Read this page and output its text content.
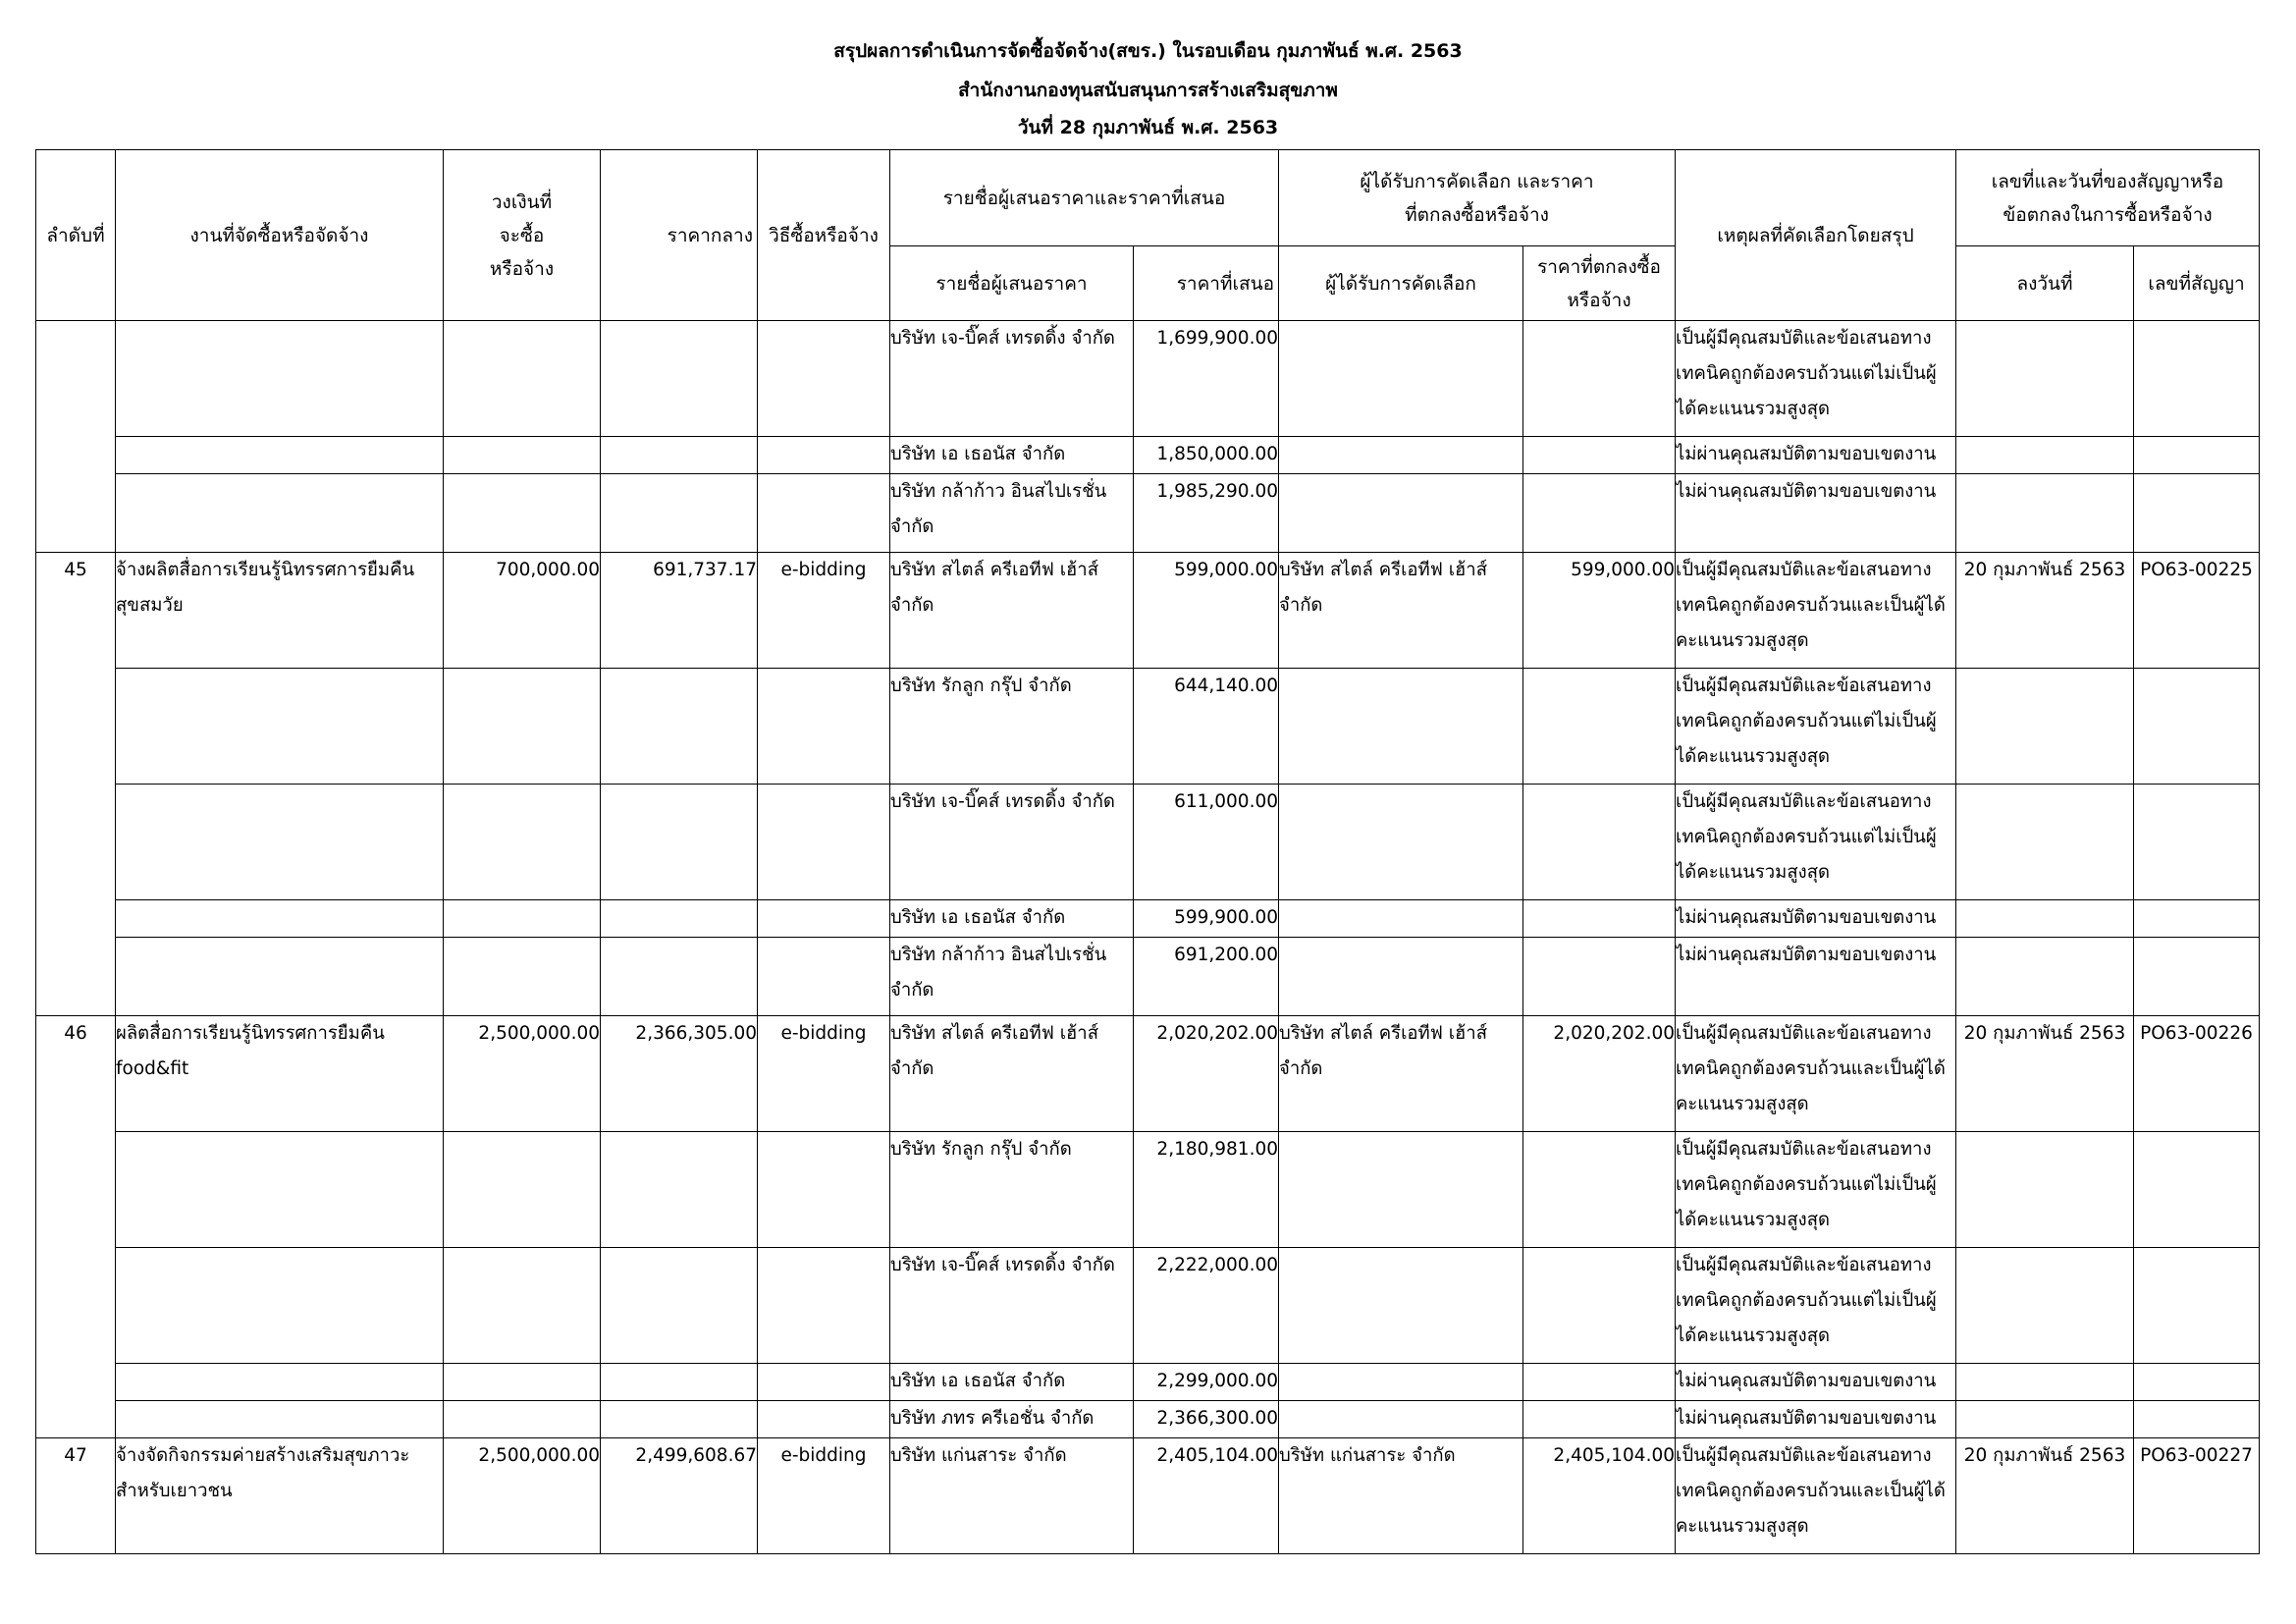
สรุปผลการดำเนินการจัดซื้อจัดจ้าง(สขร.) ในรอบเดือน กุมภาพันธ์ พ.ศ. 2563
สำนักงานกองทุนสนับสนุนการสร้างเสริมสุขภาพ
วันที่ 28 กุมภาพันธ์ พ.ศ. 2563
ลำดับที่	งานที่จัดซื้อหรือจัดจ้าง	วงเงินที่จะซื้อหรือจ้าง	ราคากลาง	วิธีซื้อหรือจ้าง	รายชื่อผู้เสนอราคาและราคาที่เสนอ		ผู้ได้รับการคัดเลือก และราคาที่ตกลงซื้อหรือจ้าง		เหตุผลที่คัดเลือกโดยสรุป	เลขที่และวันที่ของสัญญาหรือข้อตกลงในการซื้อหรือจ้าง	
					รายชื่อผู้เสนอราคา	ราคาที่เสนอ	ผู้ได้รับการคัดเลือก	ราคาที่ตกลงซื้อหรือจ้าง		ลงวันที่	เลขที่สัญญา
					บริษัท เจ-บิ๊คส์ เทรดดิ้ง จำกัด	1,699,900.00			เป็นผู้มีคุณสมบัติและข้อเสนอทางเทคนิคถูกต้องครบถ้วนแต่ไม่เป็นผู้ได้คะแนนรวมสูงสุด		
					บริษัท เอ เธอนัส จำกัด	1,850,000.00			ไม่ผ่านคุณสมบัติตามขอบเขตงาน		
					บริษัท กล้าก้าว อินสไปเรชั่น จำกัด	1,985,290.00			ไม่ผ่านคุณสมบัติตามขอบเขตงาน		
45	จ้างผลิตสื่อการเรียนรู้นิทรรศการยืมคืนสุขสมวัย	700,000.00	691,737.17	e-bidding	บริษัท สไตล์ ครีเอทีฟ เฮ้าส์ จำกัด	599,000.00	บริษัท สไตล์ ครีเอทีฟ เฮ้าส์ จำกัด	599,000.00	เป็นผู้มีคุณสมบัติและข้อเสนอทางเทคนิคถูกต้องครบถ้วนและเป็นผู้ได้คะแนนรวมสูงสุด	20 กุมภาพันธ์ 2563	PO63-00225
					บริษัท รักลูก กรุ๊ป จำกัด	644,140.00			เป็นผู้มีคุณสมบัติและข้อเสนอทางเทคนิคถูกต้องครบถ้วนแต่ไม่เป็นผู้ได้คะแนนรวมสูงสุด		
					บริษัท เจ-บิ๊คส์ เทรดดิ้ง จำกัด	611,000.00			เป็นผู้มีคุณสมบัติและข้อเสนอทางเทคนิคถูกต้องครบถ้วนแต่ไม่เป็นผู้ได้คะแนนรวมสูงสุด		
					บริษัท เอ เธอนัส จำกัด	599,900.00			ไม่ผ่านคุณสมบัติตามขอบเขตงาน		
					บริษัท กล้าก้าว อินสไปเรชั่น จำกัด	691,200.00			ไม่ผ่านคุณสมบัติตามขอบเขตงาน		
46	ผลิตสื่อการเรียนรู้นิทรรศการยืมคืน food&fit	2,500,000.00	2,366,305.00	e-bidding	บริษัท สไตล์ ครีเอทีฟ เฮ้าส์ จำกัด	2,020,202.00	บริษัท สไตล์ ครีเอทีฟ เฮ้าส์ จำกัด	2,020,202.00	เป็นผู้มีคุณสมบัติและข้อเสนอทางเทคนิคถูกต้องครบถ้วนและเป็นผู้ได้คะแนนรวมสูงสุด	20 กุมภาพันธ์ 2563	PO63-00226
					บริษัท รักลูก กรุ๊ป จำกัด	2,180,981.00			เป็นผู้มีคุณสมบัติและข้อเสนอทางเทคนิคถูกต้องครบถ้วนแต่ไม่เป็นผู้ได้คะแนนรวมสูงสุด		
					บริษัท เจ-บิ๊คส์ เทรดดิ้ง จำกัด	2,222,000.00			เป็นผู้มีคุณสมบัติและข้อเสนอทางเทคนิคถูกต้องครบถ้วนแต่ไม่เป็นผู้ได้คะแนนรวมสูงสุด		
					บริษัท เอ เธอนัส จำกัด	2,299,000.00			ไม่ผ่านคุณสมบัติตามขอบเขตงาน		
					บริษัท ภทร ครีเอชั่น จำกัด	2,366,300.00			ไม่ผ่านคุณสมบัติตามขอบเขตงาน		
47	จ้างจัดกิจกรรมค่ายสร้างเสริมสุขภาวะสำหรับเยาวชน	2,500,000.00	2,499,608.67	e-bidding	บริษัท แก่นสาระ จำกัด	2,405,104.00	บริษัท แก่นสาระ จำกัด	2,405,104.00	เป็นผู้มีคุณสมบัติและข้อเสนอทางเทคนิคถูกต้องครบถ้วนและเป็นผู้ได้คะแนนรวมสูงสุด	20 กุมภาพันธ์ 2563	PO63-00227
